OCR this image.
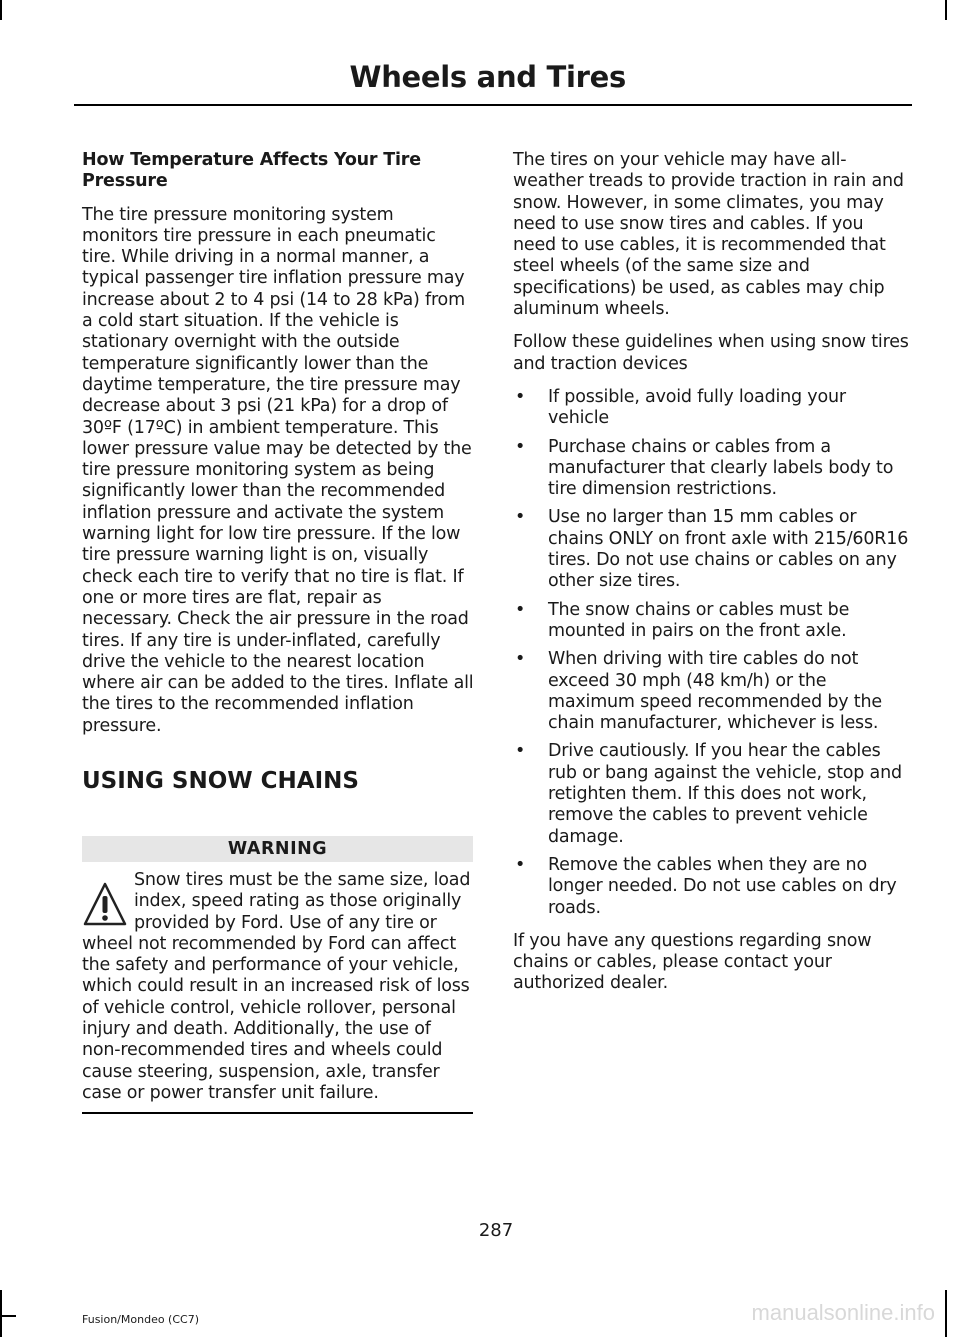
Wheels and Tires
How Temperature Affects Your Tire Pressure

The tire pressure monitoring system monitors tire pressure in each pneumatic tire. While driving in a normal manner, a typical passenger tire inflation pressure may increase about 2 to 4 psi (14 to 28 kPa) from a cold start situation. If the vehicle is stationary overnight with the outside temperature significantly lower than the daytime temperature, the tire pressure may decrease about 3 psi (21 kPa) for a drop of 30ºF (17ºC) in ambient temperature. This lower pressure value may be detected by the tire pressure monitoring system as being significantly lower than the recommended inflation pressure and activate the system warning light for low tire pressure. If the low tire pressure warning light is on, visually check each tire to verify that no tire is flat. If one or more tires are flat, repair as necessary. Check the air pressure in the road tires. If any tire is under-inflated, carefully drive the vehicle to the nearest location where air can be added to the tires. Inflate all the tires to the recommended inflation pressure.

USING SNOW CHAINS
WARNING
Snow tires must be the same size, load index, speed rating as those originally provided by Ford. Use of any tire or wheel not recommended by Ford can affect the safety and performance of your vehicle, which could result in an increased risk of loss of vehicle control, vehicle rollover, personal injury and death. Additionally, the use of non-recommended tires and wheels could cause steering, suspension, axle, transfer case or power transfer unit failure.

The tires on your vehicle may have all-weather treads to provide traction in rain and snow. However, in some climates, you may need to use snow tires and cables. If you need to use cables, it is recommended that steel wheels (of the same size and specifications) be used, as cables may chip aluminum wheels.

Follow these guidelines when using snow tires and traction devices

• If possible, avoid fully loading your vehicle
• Purchase chains or cables from a manufacturer that clearly labels body to tire dimension restrictions.
• Use no larger than 15 mm cables or chains ONLY on front axle with 215/60R16 tires. Do not use chains or cables on any other size tires.
• The snow chains or cables must be mounted in pairs on the front axle.
• When driving with tire cables do not exceed 30 mph (48 km/h) or the maximum speed recommended by the chain manufacturer, whichever is less.
• Drive cautiously. If you hear the cables rub or bang against the vehicle, stop and retighten them. If this does not work, remove the cables to prevent vehicle damage.
• Remove the cables when they are no longer needed. Do not use cables on dry roads.

If you have any questions regarding snow chains or cables, please contact your authorized dealer.

287
Fusion/Mondeo (CC7)	manualsonline.info
